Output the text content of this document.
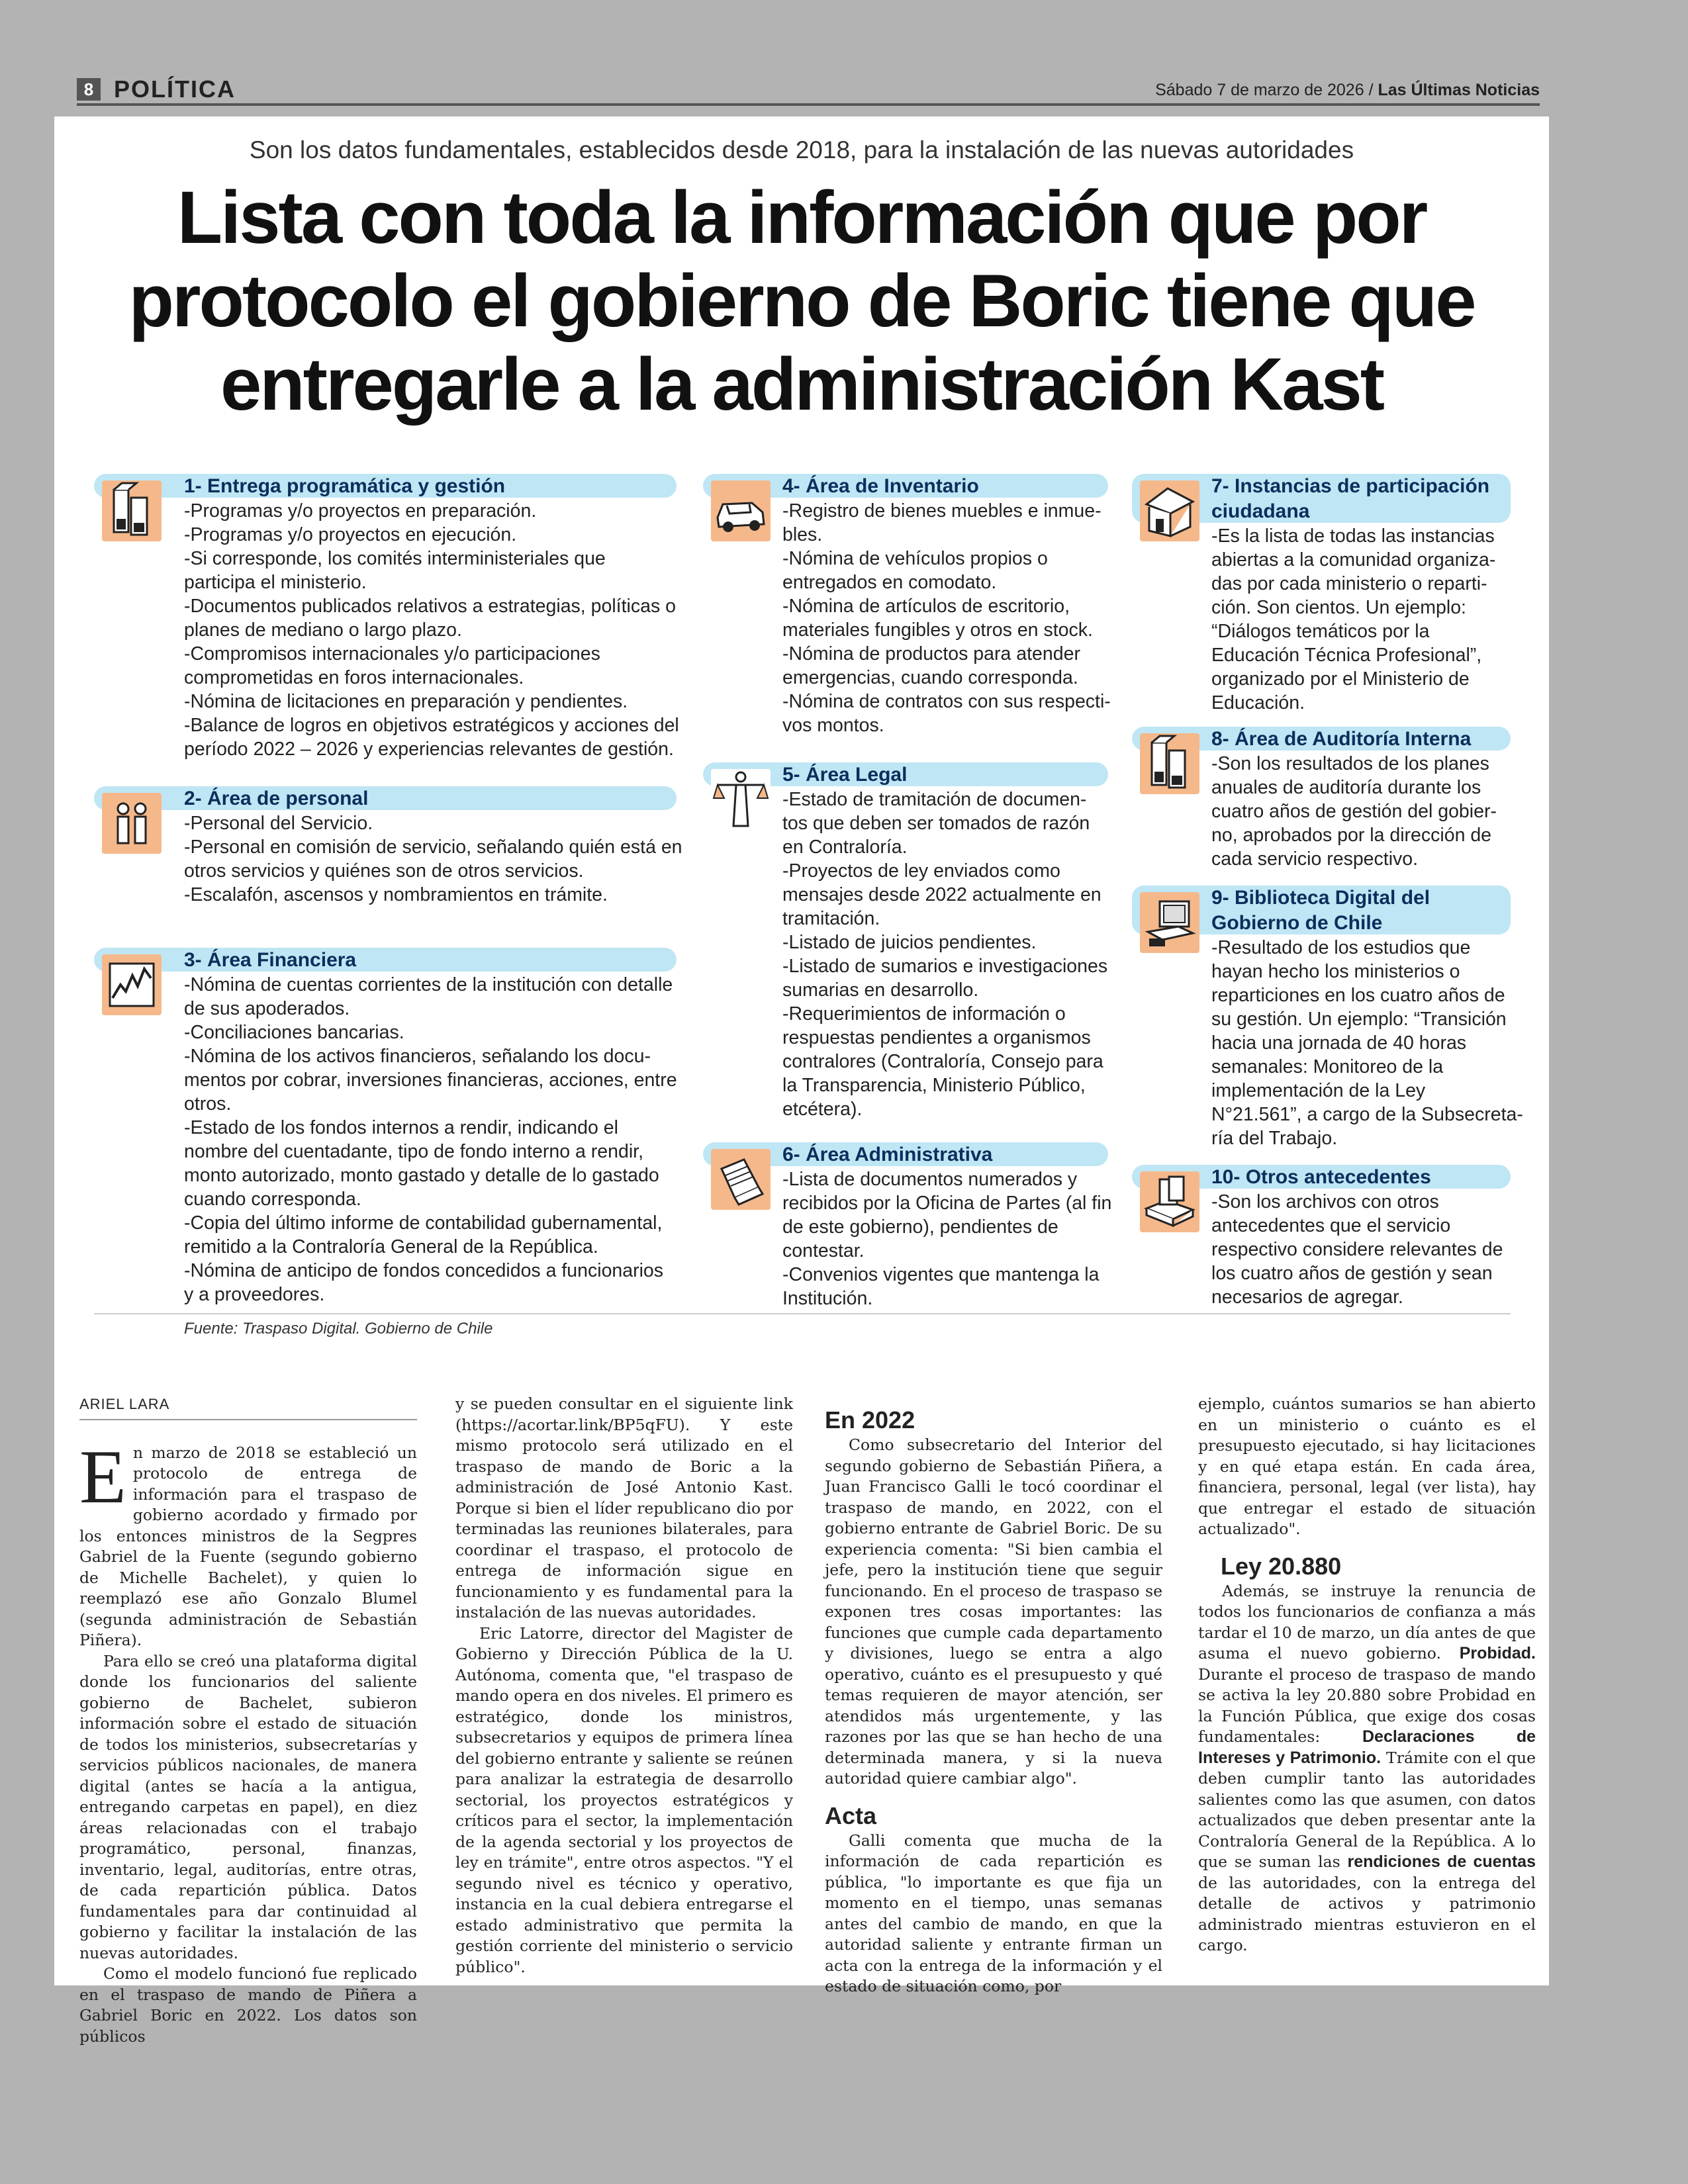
8 POLÍTICA	Sábado 7 de marzo de 2026 / Las Últimas Noticias
Son los datos fundamentales, establecidos desde 2018, para la instalación de las nuevas autoridades
Lista con toda la información que por protocolo el gobierno de Boric tiene que entregarle a la administración Kast
1- Entrega programática y gestión
-Programas y/o proyectos en preparación.
-Programas y/o proyectos en ejecución.
-Si corresponde, los comités interministeriales que
participa el ministerio.
-Documentos publicados relativos a estrategias, políticas o
planes de mediano o largo plazo.
-Compromisos internacionales y/o participaciones
comprometidas en foros internacionales.
-Nómina de licitaciones en preparación y pendientes.
-Balance de logros en objetivos estratégicos y acciones del
período 2022 – 2026 y experiencias relevantes de gestión.
2- Área de personal
-Personal del Servicio.
-Personal en comisión de servicio, señalando quién está en
otros servicios y quiénes son de otros servicios.
-Escalafón, ascensos y nombramientos en trámite.
3- Área Financiera
-Nómina de cuentas corrientes de la institución con detalle
de sus apoderados.
-Conciliaciones bancarias.
-Nómina de los activos financieros, señalando los docu-
mentos por cobrar, inversiones financieras, acciones, entre
otros.
-Estado de los fondos internos a rendir, indicando el
nombre del cuentadante, tipo de fondo interno a rendir,
monto autorizado, monto gastado y detalle de lo gastado
cuando corresponda.
-Copia del último informe de contabilidad gubernamental,
remitido a la Contraloría General de la República.
-Nómina de anticipo de fondos concedidos a funcionarios
y a proveedores.
4- Área de Inventario
-Registro de bienes muebles e inmue-
bles.
-Nómina de vehículos propios o
entregados en comodato.
-Nómina de artículos de escritorio,
materiales fungibles y otros en stock.
-Nómina de productos para atender
emergencias, cuando corresponda.
-Nómina de contratos con sus respecti-
vos montos.
5- Área Legal
-Estado de tramitación de documen-
tos que deben ser tomados de razón
en Contraloría.
-Proyectos de ley enviados como
mensajes desde 2022 actualmente en
tramitación.
-Listado de juicios pendientes.
-Listado de sumarios e investigaciones
sumarias en desarrollo.
-Requerimientos de información o
respuestas pendientes a organismos
contralores (Contraloría, Consejo para
la Transparencia, Ministerio Público,
etcétera).
6- Área Administrativa
-Lista de documentos numerados y
recibidos por la Oficina de Partes (al fin
de este gobierno), pendientes de
contestar.
-Convenios vigentes que mantenga la
Institución.
7- Instancias de participación
ciudadana
-Es la lista de todas las instancias
abiertas a la comunidad organiza-
das por cada ministerio o reparti-
ción. Son cientos. Un ejemplo:
“Diálogos temáticos por la
Educación Técnica Profesional”,
organizado por el Ministerio de
Educación.
8- Área de Auditoría Interna
-Son los resultados de los planes
anuales de auditoría durante los
cuatro años de gestión del gobier-
no, aprobados por la dirección de
cada servicio respectivo.
9- Biblioteca Digital del
Gobierno de Chile
-Resultado de los estudios que
hayan hecho los ministerios o
reparticiones en los cuatro años de
su gestión. Un ejemplo: “Transición
hacia una jornada de 40 horas
semanales: Monitoreo de la
implementación de la Ley
N°21.561”, a cargo de la Subsecreta-
ría del Trabajo.
10- Otros antecedentes
-Son los archivos con otros
antecedentes que el servicio
respectivo considere relevantes de
los cuatro años de gestión y sean
necesarios de agregar.
Fuente: Traspaso Digital. Gobierno de Chile
ARIEL LARA

En marzo de 2018 se estableció un protocolo de entrega de información para el traspaso de gobierno acordado y firmado por los entonces ministros de la Segpres Gabriel de la Fuente (segundo gobierno de Michelle Bachelet), y quien lo reemplazó ese año Gonzalo Blumel (segunda administración de Sebastián Piñera).

Para ello se creó una plataforma digital donde los funcionarios del saliente gobierno de Bachelet, subieron información sobre el estado de situación de todos los ministerios, subsecretarías y servicios públicos nacionales, de manera digital (antes se hacía a la antigua, entregando carpetas en papel), en diez áreas relacionadas con el trabajo programático, personal, finanzas, inventario, legal, auditorías, entre otras, de cada repartición pública. Datos fundamentales para dar continuidad al gobierno y facilitar la instalación de las nuevas autoridades.

Como el modelo funcionó fue replicado en el traspaso de mando de Piñera a Gabriel Boric en 2022. Los datos son públicos

y se pueden consultar en el siguiente link (https://acortar.link/BP5qFU). Y este mismo protocolo será utilizado en el traspaso de mando de Boric a la administración de José Antonio Kast. Porque si bien el líder republicano dio por terminadas las reuniones bilaterales, para coordinar el traspaso, el protocolo de entrega de información sigue en funcionamiento y es fundamental para la instalación de las nuevas autoridades.

Eric Latorre, director del Magister de Gobierno y Dirección Pública de la U. Autónoma, comenta que, "el traspaso de mando opera en dos niveles. El primero es estratégico, donde los ministros, subsecretarios y equipos de primera línea del gobierno entrante y saliente se reúnen para analizar la estrategia de desarrollo sectorial, los proyectos estratégicos y críticos para el sector, la implementación de la agenda sectorial y los proyectos de ley en trámite", entre otros aspectos. "Y el segundo nivel es técnico y operativo, instancia en la cual debiera entregarse el estado administrativo que permita la gestión corriente del ministerio o servicio público".

En 2022

Como subsecretario del Interior del segundo gobierno de Sebastián Piñera, a Juan Francisco Galli le tocó coordinar el traspaso de mando, en 2022, con el gobierno entrante de Gabriel Boric. De su experiencia comenta: "Si bien cambia el jefe, pero la institución tiene que seguir funcionando. En el proceso de traspaso se exponen tres cosas importantes: las funciones que cumple cada departamento y divisiones, luego se entra a algo operativo, cuánto es el presupuesto y qué temas requieren de mayor atención, ser atendidos más urgentemente, y las razones por las que se han hecho de una determinada manera, y si la nueva autoridad quiere cambiar algo".

Acta

Galli comenta que mucha de la información de cada repartición es pública, "lo importante es que fija un momento en el tiempo, unas semanas antes del cambio de mando, en que la autoridad saliente y entrante firman un acta con la entrega de la información y el estado de situación como, por

ejemplo, cuántos sumarios se han abierto en un ministerio o cuánto es el presupuesto ejecutado, si hay licitaciones y en qué etapa están. En cada área, financiera, personal, legal (ver lista), hay que entregar el estado de situación actualizado".

Ley 20.880

Además, se instruye la renuncia de todos los funcionarios de confianza a más tardar el 10 de marzo, un día antes de que asuma el nuevo gobierno. Probidad. Durante el proceso de traspaso de mando se activa la ley 20.880 sobre Probidad en la Función Pública, que exige dos cosas fundamentales: Declaraciones de Intereses y Patrimonio. Trámite con el que deben cumplir tanto las autoridades salientes como las que asumen, con datos actualizados que deben presentar ante la Contraloría General de la República. A lo que se suman las rendiciones de cuentas de las autoridades, con la entrega del detalle de activos y patrimonio administrado mientras estuvieron en el cargo.
